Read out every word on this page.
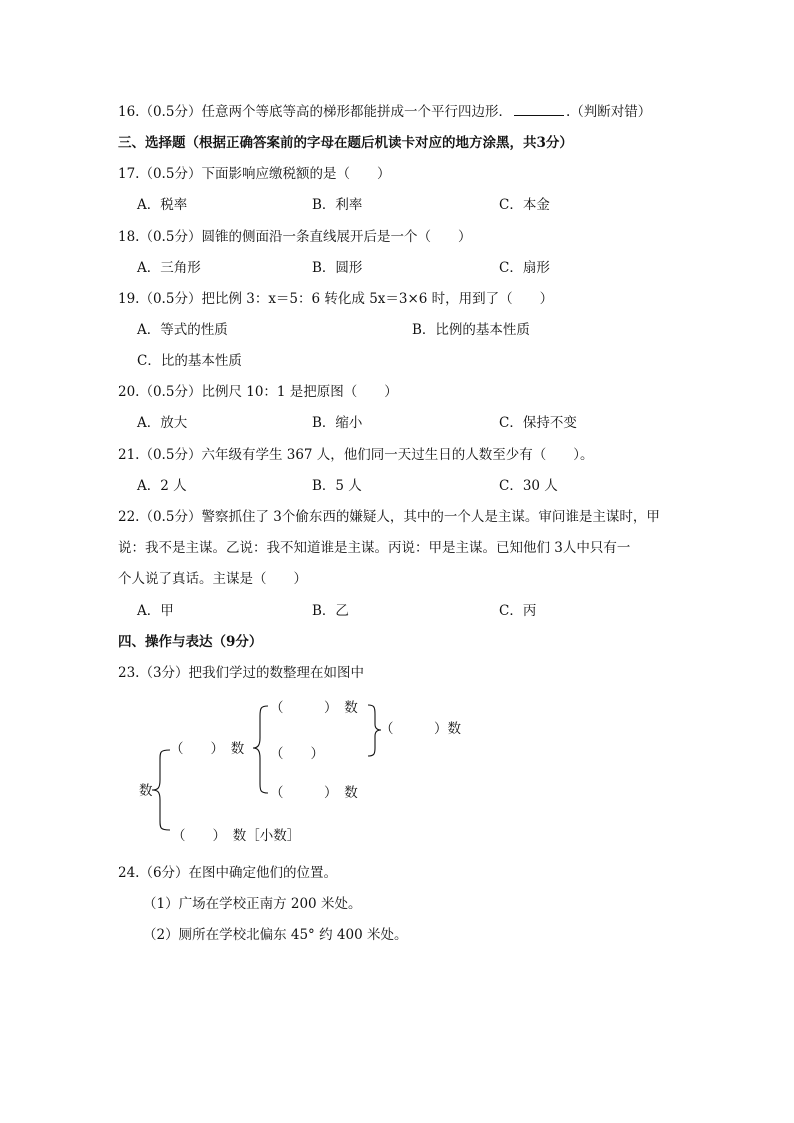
16.（0.5分）任意两个等底等高的梯形都能拼成一个平行四边形．	.（判断对错）
三、选择题（根据正确答案前的字母在题后机读卡对应的地方涂黑，共3分）
17.（0.5分）下面影响应缴税额的是（　　）
A．税率	B．利率	C．本金
18.（0.5分）圆锥的侧面沿一条直线展开后是一个（　　）
A．三角形	B．圆形	C．扇形
19.（0.5分）把比例 3：x＝5：6 转化成 5x＝3×6 时，用到了（　　）
A．等式的性质	B．比例的基本性质
C．比的基本性质
20.（0.5分）比例尺 10：1 是把原图（　　）
A．放大	B．缩小	C．保持不变
21.（0.5分）六年级有学生 367 人，他们同一天过生日的人数至少有（　　）。
A．2 人	B．5 人	C．30 人
22.（0.5分）警察抓住了 3个偷东西的嫌疑人，其中的一个人是主谋。审问谁是主谋时，甲
说：我不是主谋。乙说：我不知道谁是主谋。丙说：甲是主谋。已知他们 3人中只有一
个人说了真话。主谋是（　　）
A．甲	B．乙	C．丙
四、操作与表达（9分）
23.（3分）把我们学过的数整理在如图中
数
（　　）　数
（　　）　数［小数］
（　　　）　数
（　　）
（　　　）　数
（　　　）数
24.（6分）在图中确定他们的位置。
（1）广场在学校正南方 200 米处。
（2）厕所在学校北偏东 45° 约 400 米处。
